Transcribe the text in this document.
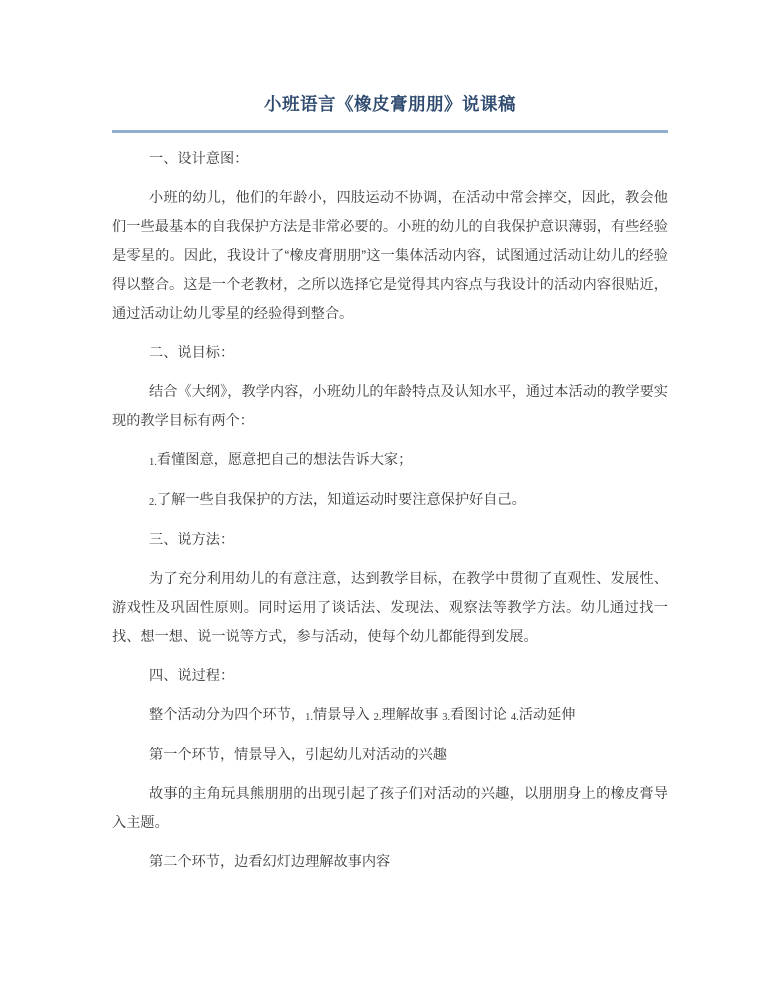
小班语言《橡皮膏朋朋》说课稿

一、设计意图：

小班的幼儿，他们的年龄小，四肢运动不协调，在活动中常会摔交，因此，教会他们一些最基本的自我保护方法是非常必要的。小班的幼儿的自我保护意识薄弱，有些经验是零星的。因此，我设计了“橡皮膏朋朋”这一集体活动内容，试图通过活动让幼儿的经验得以整合。这是一个老教材，之所以选择它是觉得其内容点与我设计的活动内容很贴近，通过活动让幼儿零星的经验得到整合。

二、说目标：

结合《大纲》，教学内容，小班幼儿的年龄特点及认知水平，通过本活动的教学要实现的教学目标有两个：

1.看懂图意，愿意把自己的想法告诉大家；

2.了解一些自我保护的方法，知道运动时要注意保护好自己。

三、说方法：

为了充分利用幼儿的有意注意，达到教学目标，在教学中贯彻了直观性、发展性、游戏性及巩固性原则。同时运用了谈话法、发现法、观察法等教学方法。幼儿通过找一找、想一想、说一说等方式，参与活动，使每个幼儿都能得到发展。

四、说过程：

整个活动分为四个环节，1.情景导入 2.理解故事 3.看图讨论 4.活动延伸

第一个环节，情景导入，引起幼儿对活动的兴趣

故事的主角玩具熊朋朋的出现引起了孩子们对活动的兴趣，以朋朋身上的橡皮膏导入主题。

第二个环节，边看幻灯边理解故事内容
